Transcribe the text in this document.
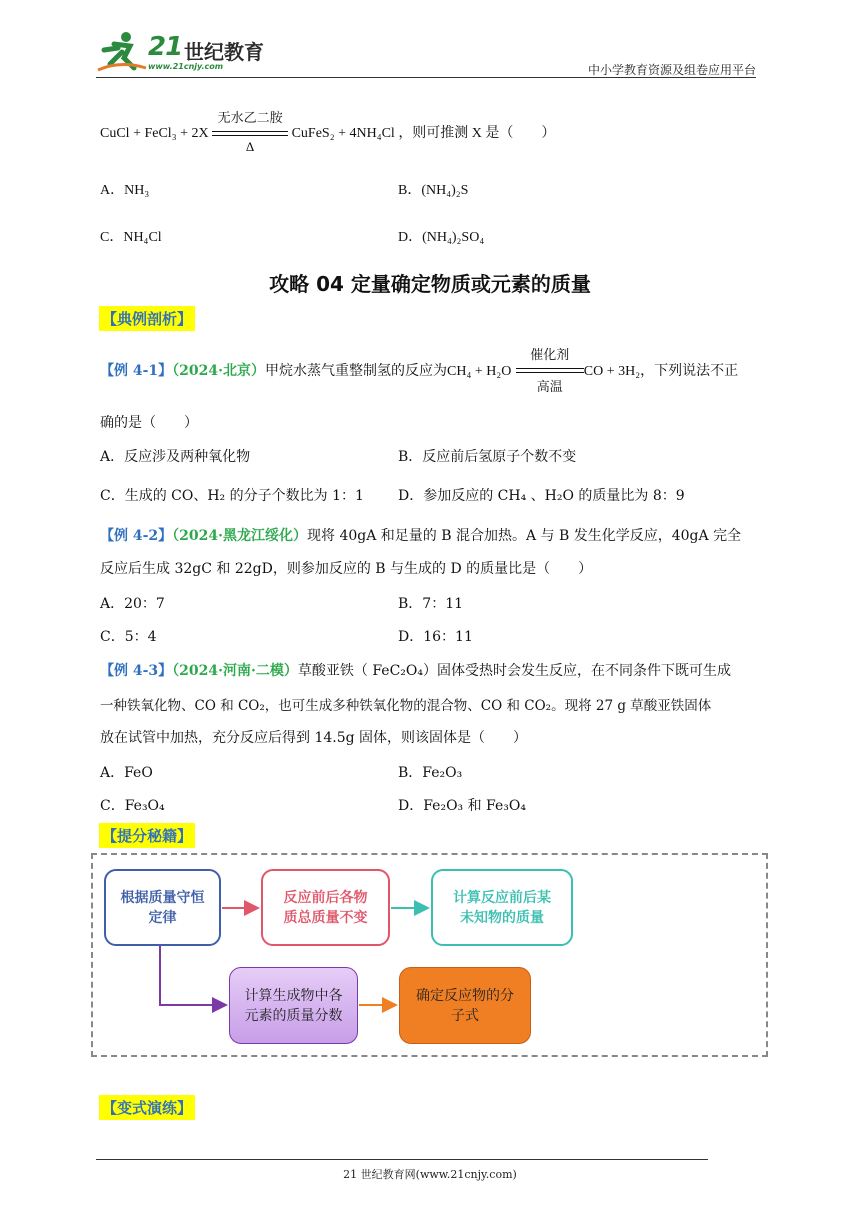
21 世纪教育
www.21cnjy.com	中小学教育资源及组卷应用平台
CuCl + FeCl₃ + 2X
无水乙二胺
Δ
CuFeS₂ + 4NH₄Cl ，则可推测 X 是（　　）
A．NH₃	B．(NH₄)₂S
C．NH₄Cl	D．(NH₄)₂SO₄
攻略 04 定量确定物质或元素的质量
【典例剖析】
【例 4-1】（2024·北京）甲烷水蒸气重整制氢的反应为CH₄ + H₂O
催化剂
高温
CO + 3H₂，下列说法不正
确的是（　　）
A．反应涉及两种氧化物	B．反应前后氢原子个数不变
C．生成的 CO、H₂ 的分子个数比为 1：1 D．参加反应的 CH₄ 、H₂O 的质量比为 8：9
【例 4-2】（2024·黑龙江绥化）现将 40gA 和足量的 B 混合加热。A 与 B 发生化学反应，40gA 完全
反应后生成 32gC 和 22gD，则参加反应的 B 与生成的 D 的质量比是（　　）
A．20：7	B．7：11
C．5：4	D．16：11
【例 4-3】（2024·河南·二模）草酸亚铁（ FeC₂O₄）固体受热时会发生反应，在不同条件下既可生成
一种铁氧化物、CO 和 CO₂，也可生成多种铁氧化物的混合物、CO 和 CO₂。现将 27 g 草酸亚铁固体
放在试管中加热，充分反应后得到 14.5g 固体，则该固体是（　　）
A．FeO	B．Fe₂O₃
C．Fe₃O₄	D．Fe₂O₃ 和 Fe₃O₄
【提分秘籍】
根据质量守恒定律
反应前后各物质总质量不变
计算反应前后某未知物的质量
计算生成物中各元素的质量分数
确定反应物的分子式
【变式演练】
21 世纪教育网(www.21cnjy.com)
